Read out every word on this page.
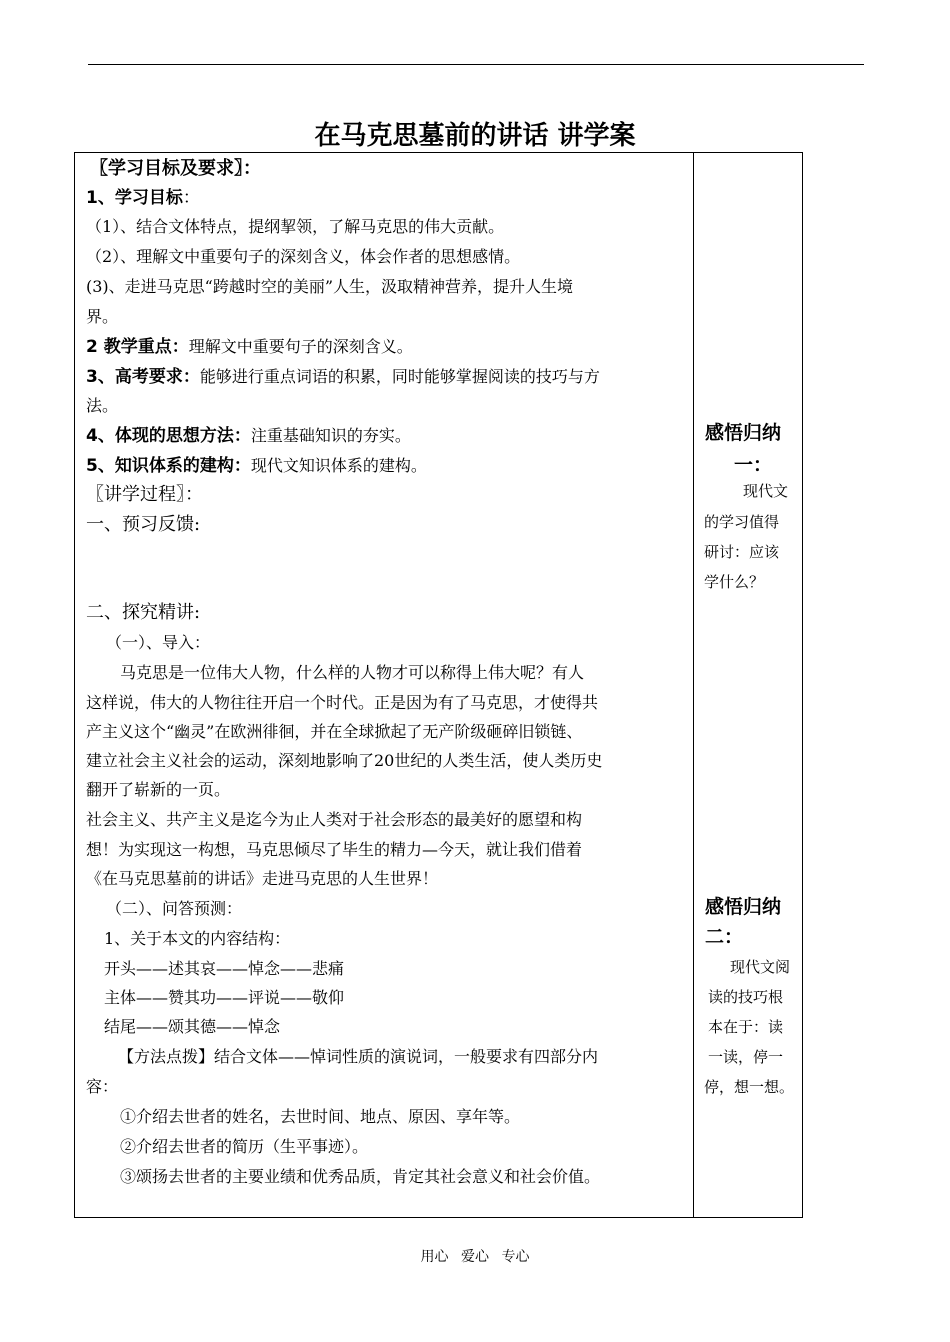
在马克思墓前的讲话 讲学案
〖学习目标及要求〗：
1、学习目标：
（1）、结合文体特点，提纲挈领，了解马克思的伟大贡献。
（2）、理解文中重要句子的深刻含义，体会作者的思想感情。
(3)、走进马克思“跨越时空的美丽”人生，汲取精神营养，提升人生境
界。
2 教学重点：理解文中重要句子的深刻含义。
3、高考要求：能够进行重点词语的积累，同时能够掌握阅读的技巧与方
法。
4、体现的思想方法：注重基础知识的夯实。
5、知识体系的建构：现代文知识体系的建构。
〖讲学过程〗：
一、预习反馈:
二、探究精讲:
（一）、导入：
马克思是一位伟大人物，什么样的人物才可以称得上伟大呢？有人
这样说，伟大的人物往往开启一个时代。正是因为有了马克思，才使得共
产主义这个“幽灵”在欧洲徘徊，并在全球掀起了无产阶级砸碎旧锁链、
建立社会主义社会的运动，深刻地影响了20世纪的人类生活，使人类历史
翻开了崭新的一页。
社会主义、共产主义是迄今为止人类对于社会形态的最美好的愿望和构
想！为实现这一构想，马克思倾尽了毕生的精力—今天，就让我们借着
《在马克思墓前的讲话》走进马克思的人生世界！
（二）、问答预测：
1、关于本文的内容结构：
开头——述其哀——悼念——悲痛
主体——赞其功——评说——敬仰
结尾——颂其德——悼念
【方法点拨】结合文体——悼词性质的演说词，一般要求有四部分内
容：
①介绍去世者的姓名，去世时间、地点、原因、享年等。
②介绍去世者的简历（生平事迹）。
③颂扬去世者的主要业绩和优秀品质，肯定其社会意义和社会价值。
感悟归纳
一：
现代文
的学习值得
研讨：应该
学什么？
感悟归纳
二：
现代文阅
读的技巧根
本在于：读
一读，停一
停，想一想。
用心 爱心 专心
